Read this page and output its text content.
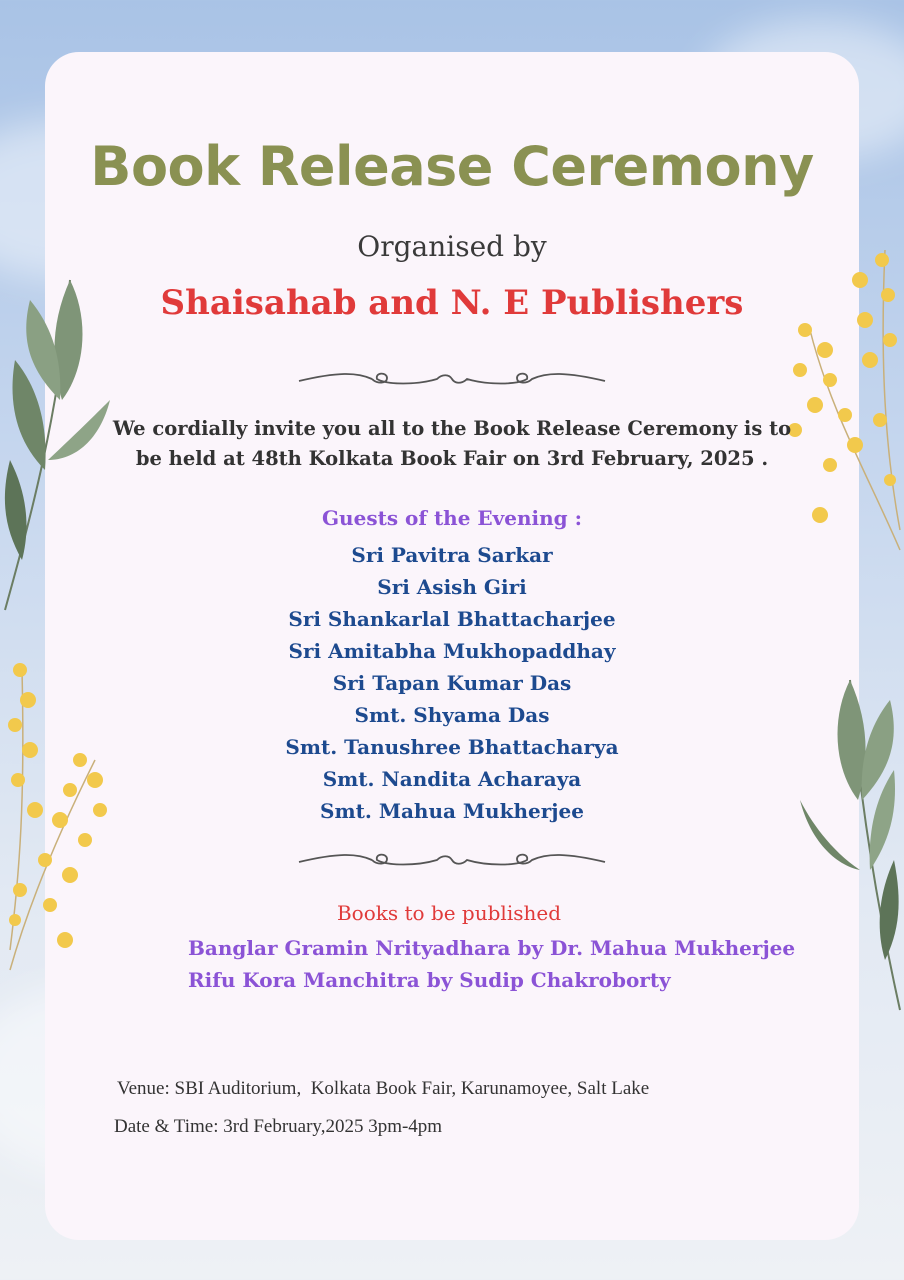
Book Release Ceremony
Organised by
Shaisahab and N. E Publishers
We cordially invite you all to the Book Release Ceremony is to
be held at 48th Kolkata Book Fair on 3rd February, 2025 .
Guests of the Evening :
Sri Pavitra Sarkar
Sri Asish Giri
Sri Shankarlal Bhattacharjee
Sri Amitabha Mukhopaddhay
Sri Tapan Kumar Das
Smt. Shyama Das
Smt. Tanushree Bhattacharya
Smt. Nandita Acharaya
Smt. Mahua Mukherjee
Books to be published
Banglar Gramin Nrityadhara by Dr. Mahua Mukherjee
Rifu Kora Manchitra by Sudip Chakroborty
Venue: SBI Auditorium,  Kolkata Book Fair, Karunamoyee, Salt Lake
Date & Time: 3rd February,2025 3pm-4pm
